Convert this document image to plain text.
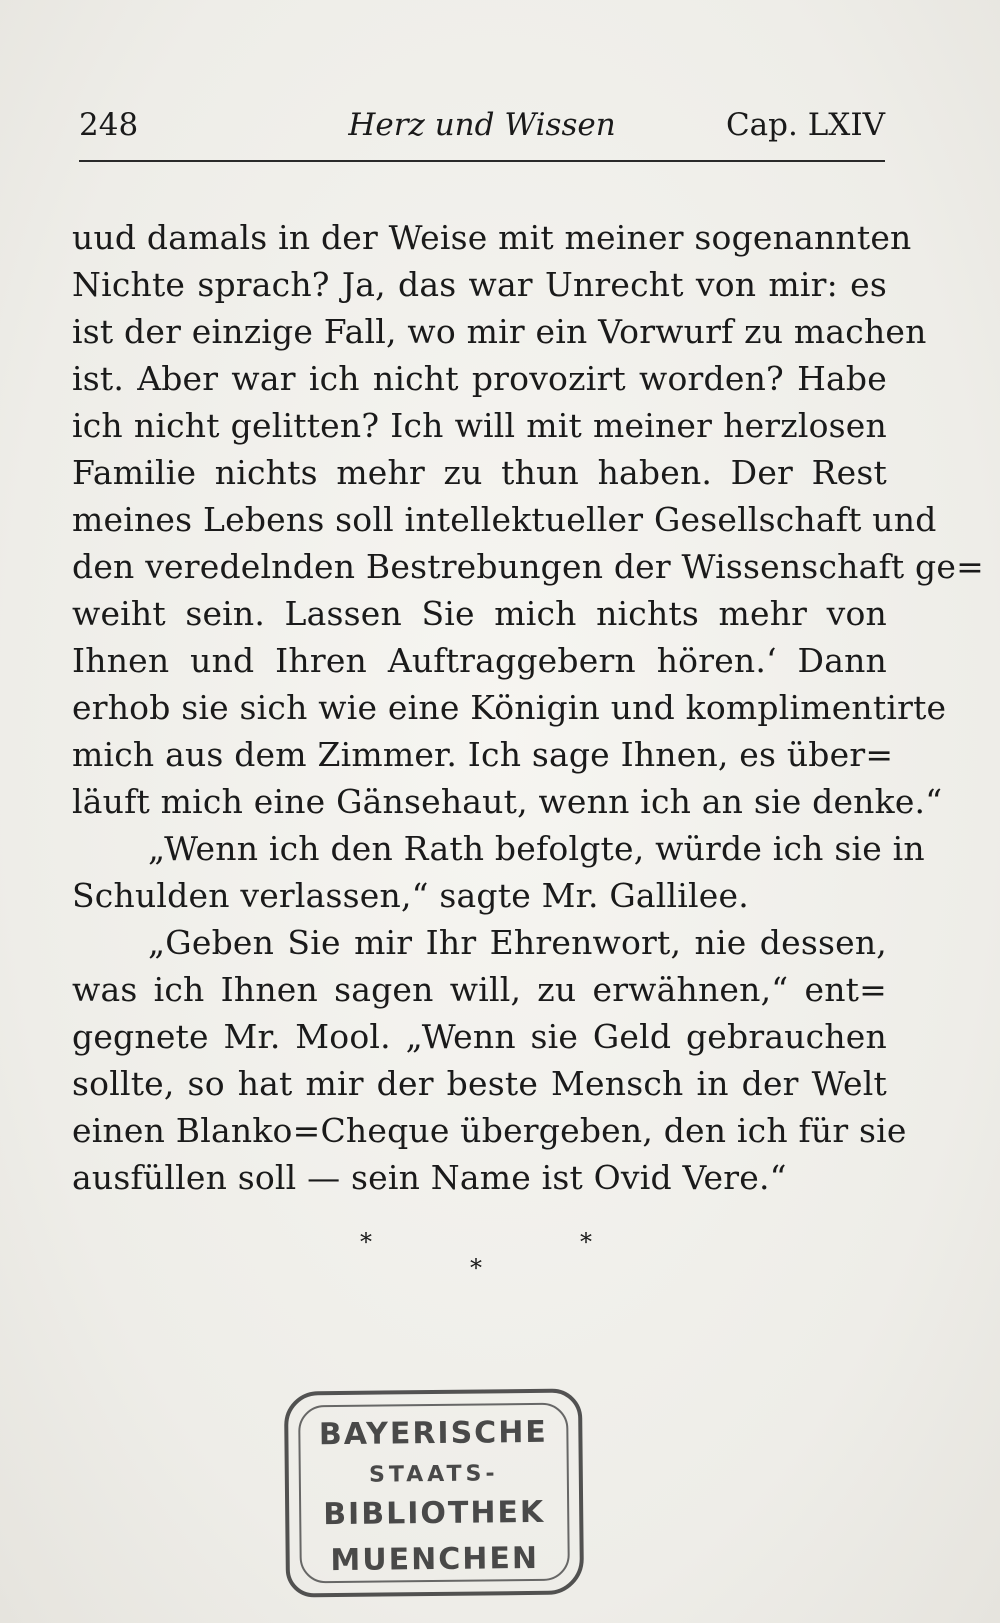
248	Herz und Wissen	Cap. LXIV
uud damals in der Weise mit meiner sogenannten
Nichte sprach? Ja, das war Unrecht von mir: es
ist der einzige Fall, wo mir ein Vorwurf zu machen
ist. Aber war ich nicht provozirt worden? Habe
ich nicht gelitten? Ich will mit meiner herzlosen
Familie nichts mehr zu thun haben. Der Rest
meines Lebens soll intellektueller Gesellschaft und
den veredelnden Bestrebungen der Wissenschaft ge=
weiht sein. Lassen Sie mich nichts mehr von
Ihnen und Ihren Auftraggebern hören.‘ Dann
erhob sie sich wie eine Königin und komplimentirte
mich aus dem Zimmer. Ich sage Ihnen, es über=
läuft mich eine Gänsehaut, wenn ich an sie denke.“
„Wenn ich den Rath befolgte, würde ich sie in
Schulden verlassen,“ sagte Mr. Gallilee.
„Geben Sie mir Ihr Ehrenwort, nie dessen,
was ich Ihnen sagen will, zu erwähnen,“ ent=
gegnete Mr. Mool. „Wenn sie Geld gebrauchen
sollte, so hat mir der beste Mensch in der Welt
einen Blanko=Cheque übergeben, den ich für sie
ausfüllen soll — sein Name ist Ovid Vere.“
*	*
*
BAYERISCHE
STAATS-
BIBLIOTHEK
MUENCHEN
